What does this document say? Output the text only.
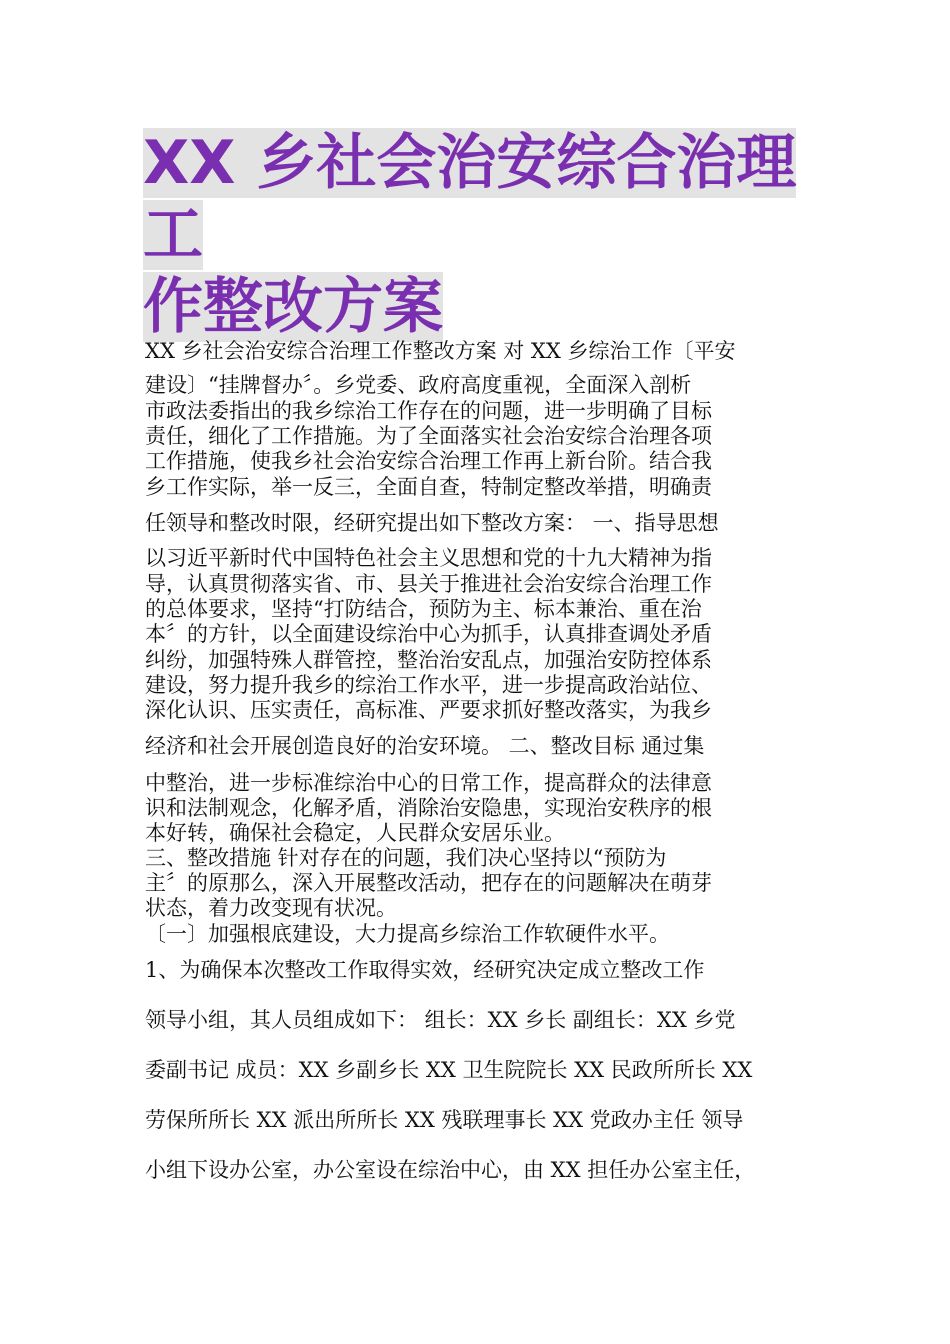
XX 乡社会治安综合治理工
作整改方案
XX 乡社会治安综合治理工作整改方案 对 XX 乡综治工作〔平安
建设〕“挂牌督办〞。乡党委、政府高度重视，全面深入剖析
市政法委指出的我乡综治工作存在的问题，进一步明确了目标
责任，细化了工作措施。为了全面落实社会治安综合治理各项
工作措施，使我乡社会治安综合治理工作再上新台阶。结合我
乡工作实际，举一反三，全面自查，特制定整改举措，明确责
任领导和整改时限，经研究提出如下整改方案： 一、指导思想
以习近平新时代中国特色社会主义思想和党的十九大精神为指
导，认真贯彻落实省、市、县关于推进社会治安综合治理工作
的总体要求，坚持“打防结合，预防为主、标本兼治、重在治
本〞的方针，以全面建设综治中心为抓手，认真排查调处矛盾
纠纷，加强特殊人群管控，整治治安乱点，加强治安防控体系
建设，努力提升我乡的综治工作水平，进一步提高政治站位、
深化认识、压实责任，高标准、严要求抓好整改落实，为我乡
经济和社会开展创造良好的治安环境。 二、整改目标 通过集
中整治，进一步标准综治中心的日常工作，提高群众的法律意
识和法制观念，化解矛盾，消除治安隐患，实现治安秩序的根
本好转，确保社会稳定，人民群众安居乐业。
三、整改措施 针对存在的问题，我们决心坚持以“预防为
主〞的原那么，深入开展整改活动，把存在的问题解决在萌芽
状态，着力改变现有状况。
〔一〕加强根底建设，大力提高乡综治工作软硬件水平。
1、为确保本次整改工作取得实效，经研究决定成立整改工作
领导小组，其人员组成如下： 组长：XX 乡长 副组长：XX 乡党
委副书记 成员：XX 乡副乡长 XX 卫生院院长 XX 民政所所长 XX
劳保所所长 XX 派出所所长 XX 残联理事长 XX 党政办主任 领导
小组下设办公室，办公室设在综治中心，由 XX 担任办公室主任，
